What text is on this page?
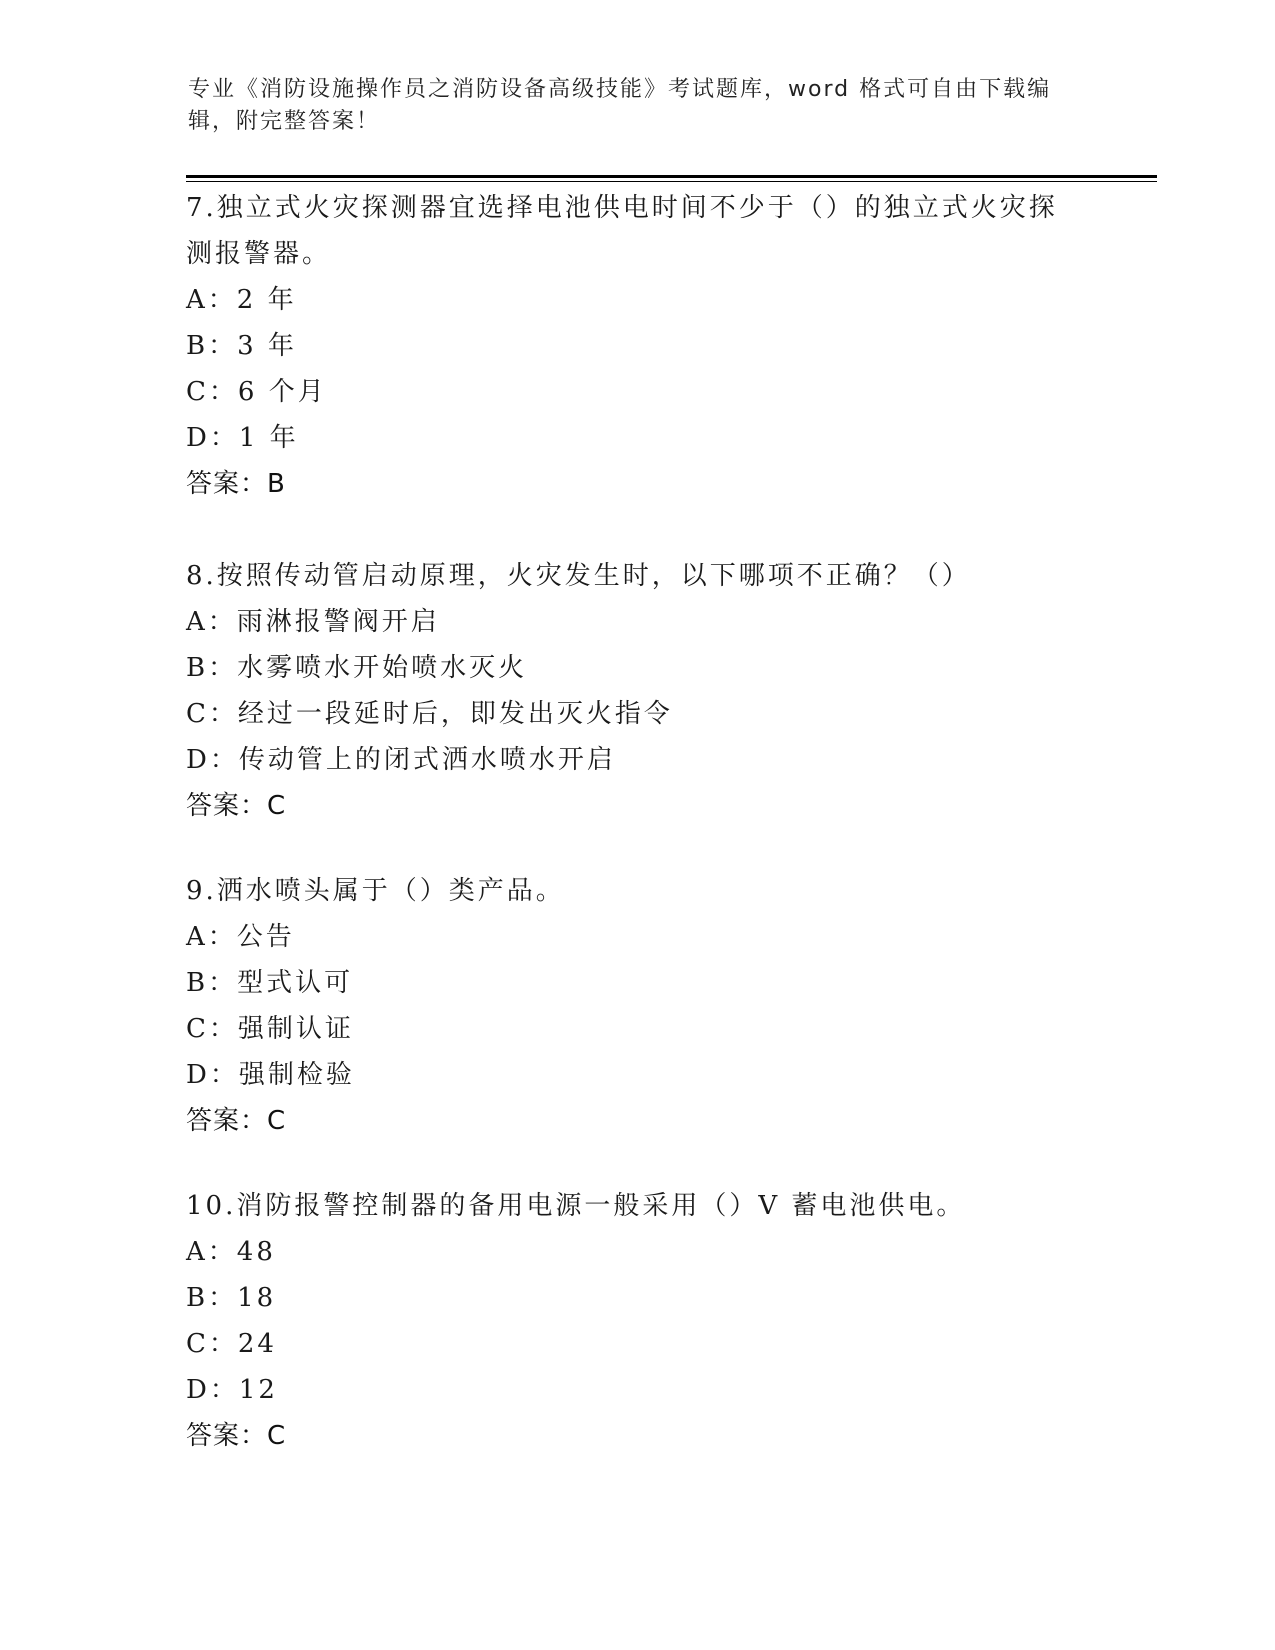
专业《消防设施操作员之消防设备高级技能》考试题库，word 格式可自由下载编
辑，附完整答案！

7.独立式火灾探测器宜选择电池供电时间不少于（）的独立式火灾探

测报警器。

A：2 年

B：3 年

C：6 个月

D：1 年

答案：B

8.按照传动管启动原理，火灾发生时，以下哪项不正确？（）

A：雨淋报警阀开启

B：水雾喷水开始喷水灭火

C：经过一段延时后，即发出灭火指令

D：传动管上的闭式洒水喷水开启

答案：C

9.洒水喷头属于（）类产品。

A：公告

B：型式认可

C：强制认证

D：强制检验

答案：C

10.消防报警控制器的备用电源一般采用（）V 蓄电池供电。

A：48

B：18

C：24

D：12

答案：C
